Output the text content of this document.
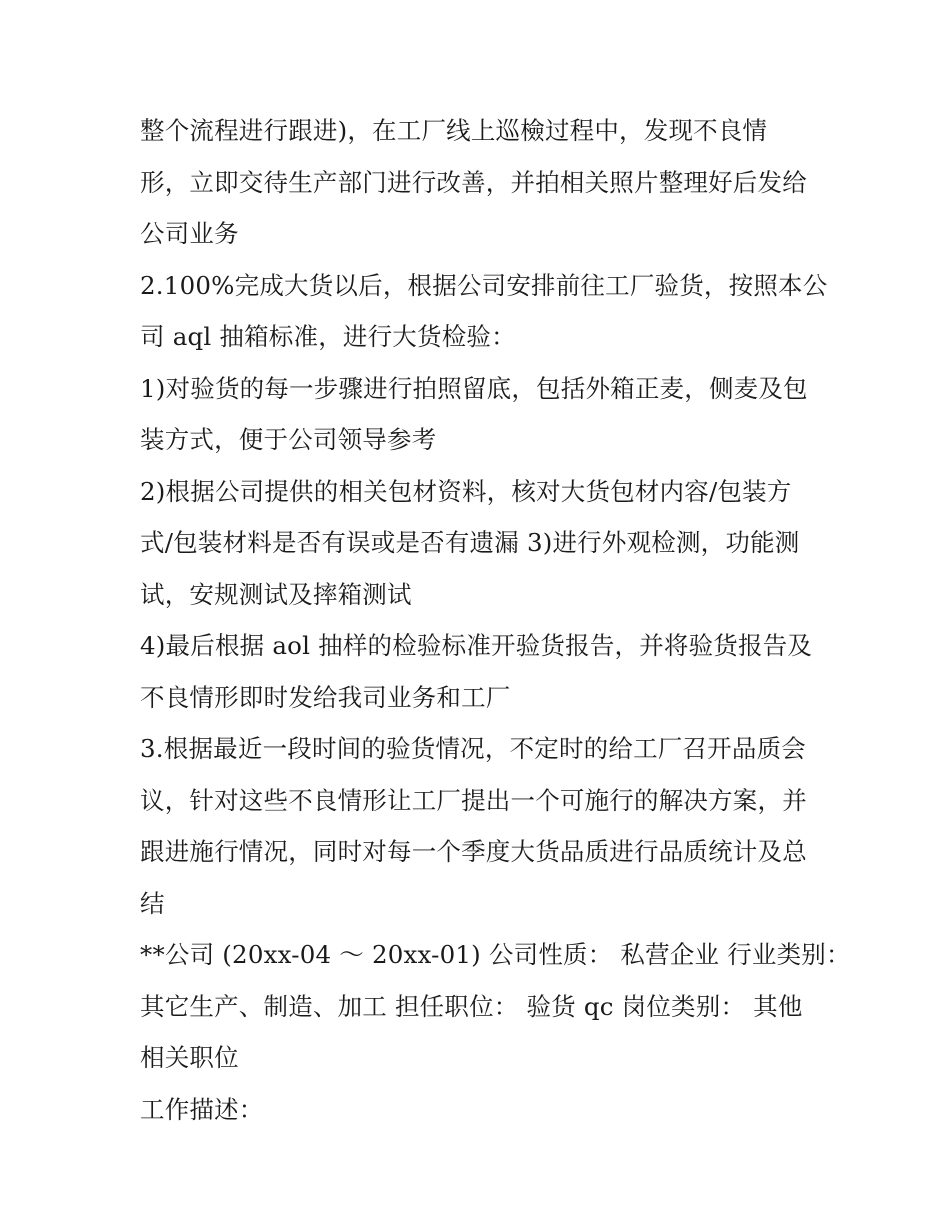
整个流程进行跟进)，在工厂线上巡檢过程中，发现不良情
形，立即交待生产部门进行改善，并拍相关照片整理好后发给
公司业务
2.100%完成大货以后，根据公司安排前往工厂验货，按照本公
司 aql 抽箱标准，进行大货检验：
1)对验货的每一步骤进行拍照留底，包括外箱正麦，侧麦及包
装方式，便于公司领导参考
2)根据公司提供的相关包材资料，核对大货包材内容/包装方
式/包装材料是否有误或是否有遗漏 3)进行外观检测，功能测
试，安规测试及摔箱测试
4)最后根据 aol 抽样的检验标准开验货报告，并将验货报告及
不良情形即时发给我司业务和工厂
3.根据最近一段时间的验货情况，不定时的给工厂召开品质会
议，针对这些不良情形让工厂提出一个可施行的解决方案，并
跟进施行情况，同时对每一个季度大货品质进行品质统计及总
结
**公司 (20xx-04 ～ 20xx-01) 公司性质： 私营企业 行业类别：
其它生产、制造、加工 担任职位： 验货 qc 岗位类别： 其他
相关职位
工作描述：
